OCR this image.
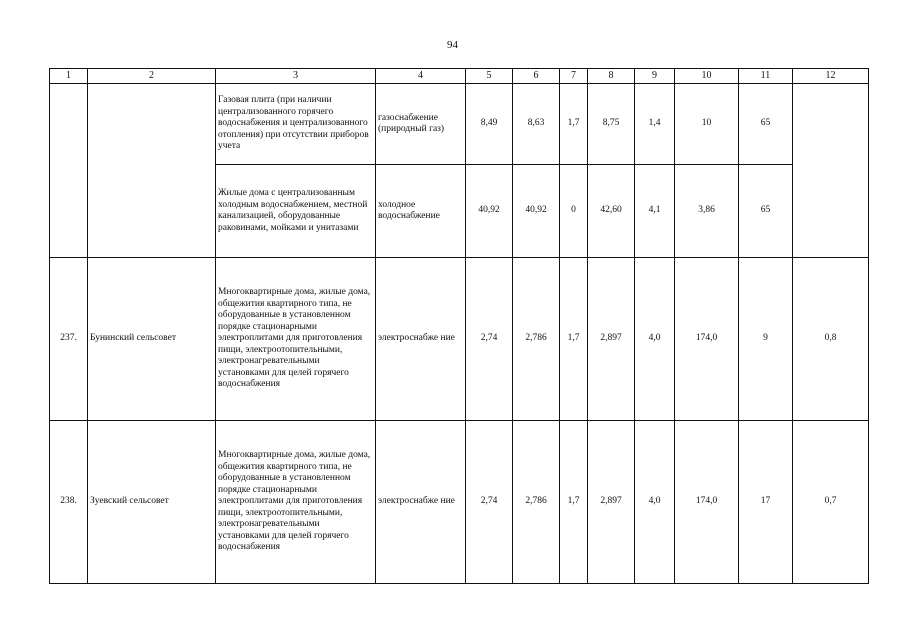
94
1	2	3	4	5	6	7	8	9	10	11	12
		Газовая плита (при наличии централизованного горячего водоснабжения и централизованного отопления) при отсутствии приборов учета	газоснабжение (природный газ)	8,49	8,63	1,7	8,75	1,4	10	65	
		Жилые дома с централизованным холодным водоснабжением, местной канализацией, оборудованные раковинами, мойками и унитазами	холодное водоснабжение	40,92	40,92	0	42,60	4,1	3,86	65	
237.	Бунинский сельсовет	Многоквартирные дома, жилые дома, общежития квартирного типа, не оборудованные в установленном порядке стационарными электроплитами для приготовления пищи, электроотопительными, электронагревательными установками для целей горячего водоснабжения	электроснабже ние	2,74	2,786	1,7	2,897	4,0	174,0	9	0,8
238.	Зуевский сельсовет	Многоквартирные дома, жилые дома, общежития квартирного типа, не оборудованные в установленном порядке стационарными электроплитами для приготовления пищи, электроотопительными, электронагревательными установками для целей горячего водоснабжения	электроснабже ние	2,74	2,786	1,7	2,897	4,0	174,0	17	0,7
